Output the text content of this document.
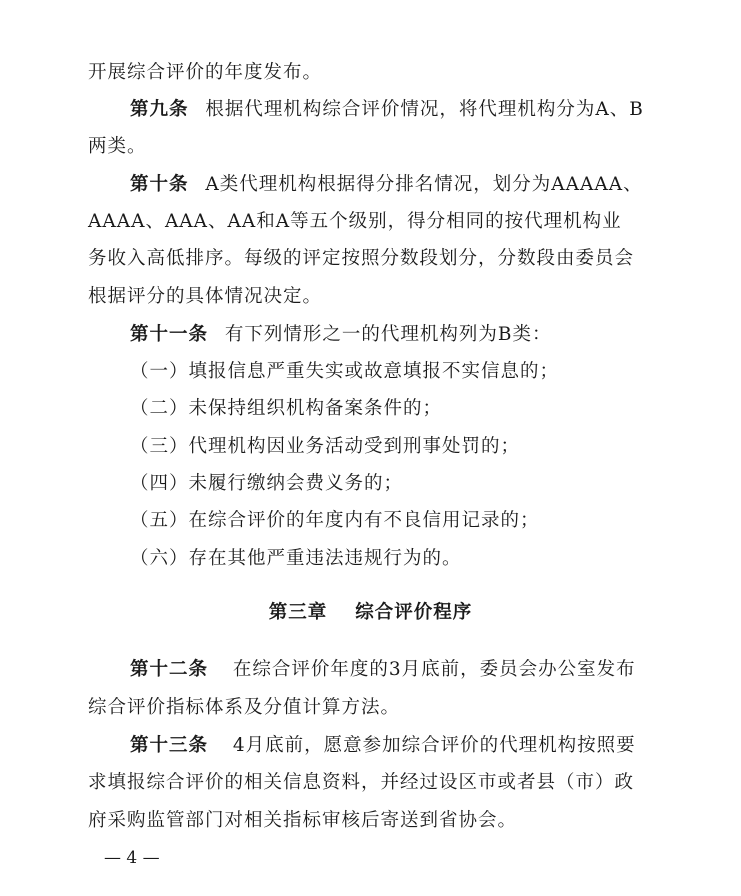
开展综合评价的年度发布。
第九条 根据代理机构综合评价情况，将代理机构分为A、B
两类。
第十条 A类代理机构根据得分排名情况，划分为AAAAA、
AAAA、AAA、AA和A等五个级别，得分相同的按代理机构业
务收入高低排序。每级的评定按照分数段划分，分数段由委员会
根据评分的具体情况决定。
第十一条 有下列情形之一的代理机构列为B类：
（一）填报信息严重失实或故意填报不实信息的；
（二）未保持组织机构备案条件的；
（三）代理机构因业务活动受到刑事处罚的；
（四）未履行缴纳会费义务的；
（五）在综合评价的年度内有不良信用记录的；
（六）存在其他严重违法违规行为的。
第三章 综合评价程序
第十二条 在综合评价年度的3月底前，委员会办公室发布
综合评价指标体系及分值计算方法。
第十三条 4月底前，愿意参加综合评价的代理机构按照要
求填报综合评价的相关信息资料，并经过设区市或者县（市）政
府采购监管部门对相关指标审核后寄送到省协会。
— 4 —
